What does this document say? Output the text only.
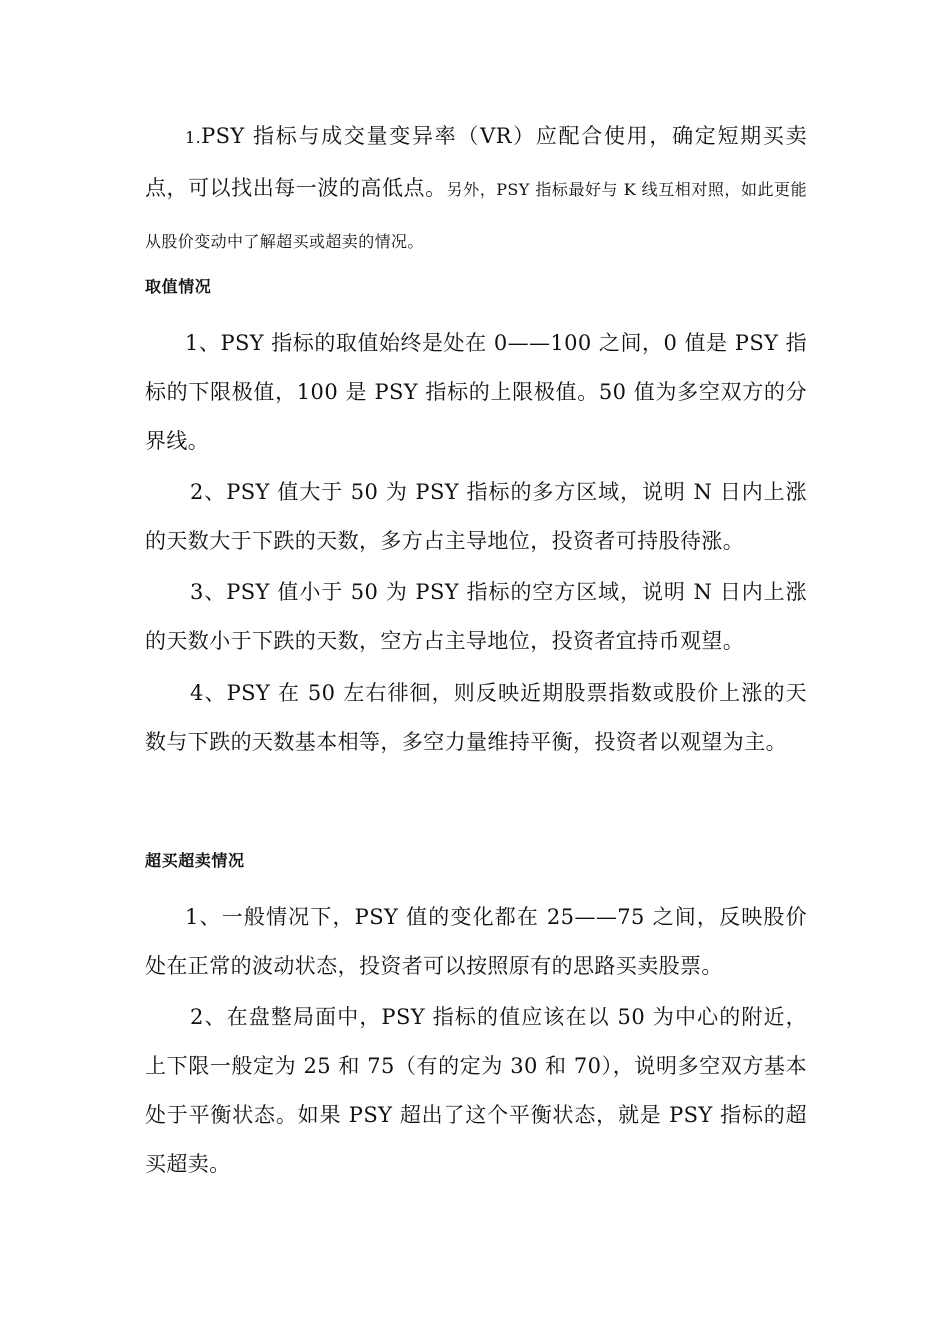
1.PSY 指标与成交量变异率（VR）应配合使用，确定短期买卖点，可以找出每一波的高低点。另外，PSY 指标最好与 K 线互相对照，如此更能从股价变动中了解超买或超卖的情况。

取值情况

1、PSY 指标的取值始终是处在 0——100 之间，0 值是 PSY 指标的下限极值，100 是 PSY 指标的上限极值。50 值为多空双方的分界线。

2、PSY 值大于 50 为 PSY 指标的多方区域，说明 N 日内上涨的天数大于下跌的天数，多方占主导地位，投资者可持股待涨。

3、PSY 值小于 50 为 PSY 指标的空方区域，说明 N 日内上涨的天数小于下跌的天数，空方占主导地位，投资者宜持币观望。

4、PSY 在 50 左右徘徊，则反映近期股票指数或股价上涨的天数与下跌的天数基本相等，多空力量维持平衡，投资者以观望为主。

超买超卖情况

1、一般情况下，PSY 值的变化都在 25——75 之间，反映股价处在正常的波动状态，投资者可以按照原有的思路买卖股票。

2、在盘整局面中，PSY 指标的值应该在以 50 为中心的附近，上下限一般定为 25 和 75（有的定为 30 和 70），说明多空双方基本处于平衡状态。如果 PSY 超出了这个平衡状态，就是 PSY 指标的超买超卖。
